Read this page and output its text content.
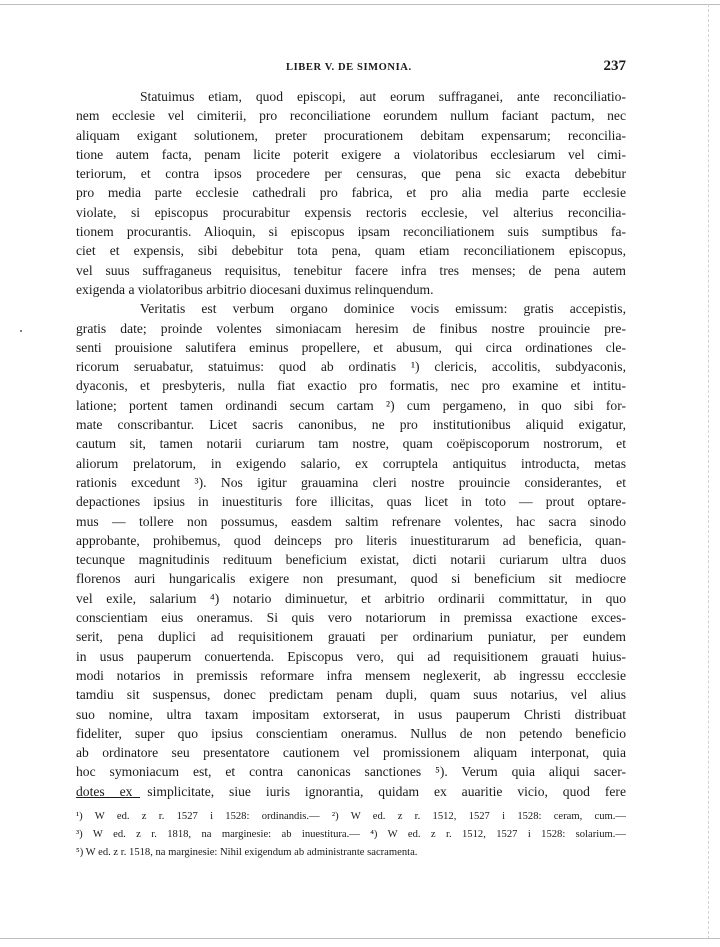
LIBER V. DE SIMONIA.	237
Statuimus etiam, quod episcopi, aut eorum suffraganei, ante reconciliatio-
nem ecclesie vel cimiterii, pro reconciliatione eorundem nullum faciant pactum, nec
aliquam exigant solutionem, preter procurationem debitam expensarum; reconcilia-
tione autem facta, penam licite poterit exigere a violatoribus ecclesiarum vel cimi-
teriorum, et contra ipsos procedere per censuras, que pena sic exacta debebitur
pro media parte ecclesie cathedrali pro fabrica, et pro alia media parte ecclesie
violate, si episcopus procurabitur expensis rectoris ecclesie, vel alterius reconcilia-
tionem procurantis. Alioquin, si episcopus ipsam reconciliationem suis sumptibus fa-
ciet et expensis, sibi debebitur tota pena, quam etiam reconciliationem episcopus,
vel suus suffraganeus requisitus, tenebitur facere infra tres menses; de pena autem
exigenda a violatoribus arbitrio diocesani duximus relinquendum.
Veritatis est verbum organo dominice vocis emissum: gratis accepistis,
gratis date; proinde volentes simoniacam heresim de finibus nostre prouincie pre-
senti prouisione salutifera eminus propellere, et abusum, qui circa ordinationes cle-
ricorum seruabatur, statuimus: quod ab ordinatis ¹) clericis, accolitis, subdyaconis,
dyaconis, et presbyteris, nulla fiat exactio pro formatis, nec pro examine et intitu-
latione; portent tamen ordinandi secum cartam ²) cum pergameno, in quo sibi for-
mate conscribantur. Licet sacris canonibus, ne pro institutionibus aliquid exigatur,
cautum sit, tamen notarii curiarum tam nostre, quam coëpiscoporum nostrorum, et
aliorum prelatorum, in exigendo salario, ex corruptela antiquitus introducta, metas
rationis excedunt ³). Nos igitur grauamina cleri nostre prouincie considerantes, et
depactiones ipsius in inuestituris fore illicitas, quas licet in toto — prout optare-
mus — tollere non possumus, easdem saltim refrenare volentes, hac sacra sinodo
approbante, prohibemus, quod deinceps pro literis inuestiturarum ad beneficia, quan-
tecunque magnitudinis redituum beneficium existat, dicti notarii curiarum ultra duos
florenos auri hungaricalis exigere non presumant, quod si beneficium sit mediocre
vel exile, salarium ⁴) notario diminuetur, et arbitrio ordinarii committatur, in quo
conscientiam eius oneramus. Si quis vero notariorum in premissa exactione exces-
serit, pena duplici ad requisitionem grauati per ordinarium puniatur, per eundem
in usus pauperum conuertenda. Episcopus vero, qui ad requisitionem grauati huius-
modi notarios in premissis reformare infra mensem neglexerit, ab ingressu eccclesie
tamdiu sit suspensus, donec predictam penam dupli, quam suus notarius, vel alius
suo nomine, ultra taxam impositam extorserat, in usus pauperum Christi distribuat
fideliter, super quo ipsius conscientiam oneramus. Nullus de non petendo beneficio
ab ordinatore seu presentatore cautionem vel promissionem aliquam interponat, quia
hoc symoniacum est, et contra canonicas sanctiones ⁵). Verum quia aliqui sacer-
dotes ex simplicitate, siue iuris ignorantia, quidam ex auaritie vicio, quod fere
¹) W ed. z r. 1527 i 1528: ordinandis.— ²) W ed. z r. 1512, 1527 i 1528: ceram, cum.—
³) W ed. z r. 1818, na marginesie: ab inuestitura.— ⁴) W ed. z r. 1512, 1527 i 1528: solarium.—
⁵) W ed. z r. 1518, na marginesie: Nihil exigendum ab administrante sacramenta.
